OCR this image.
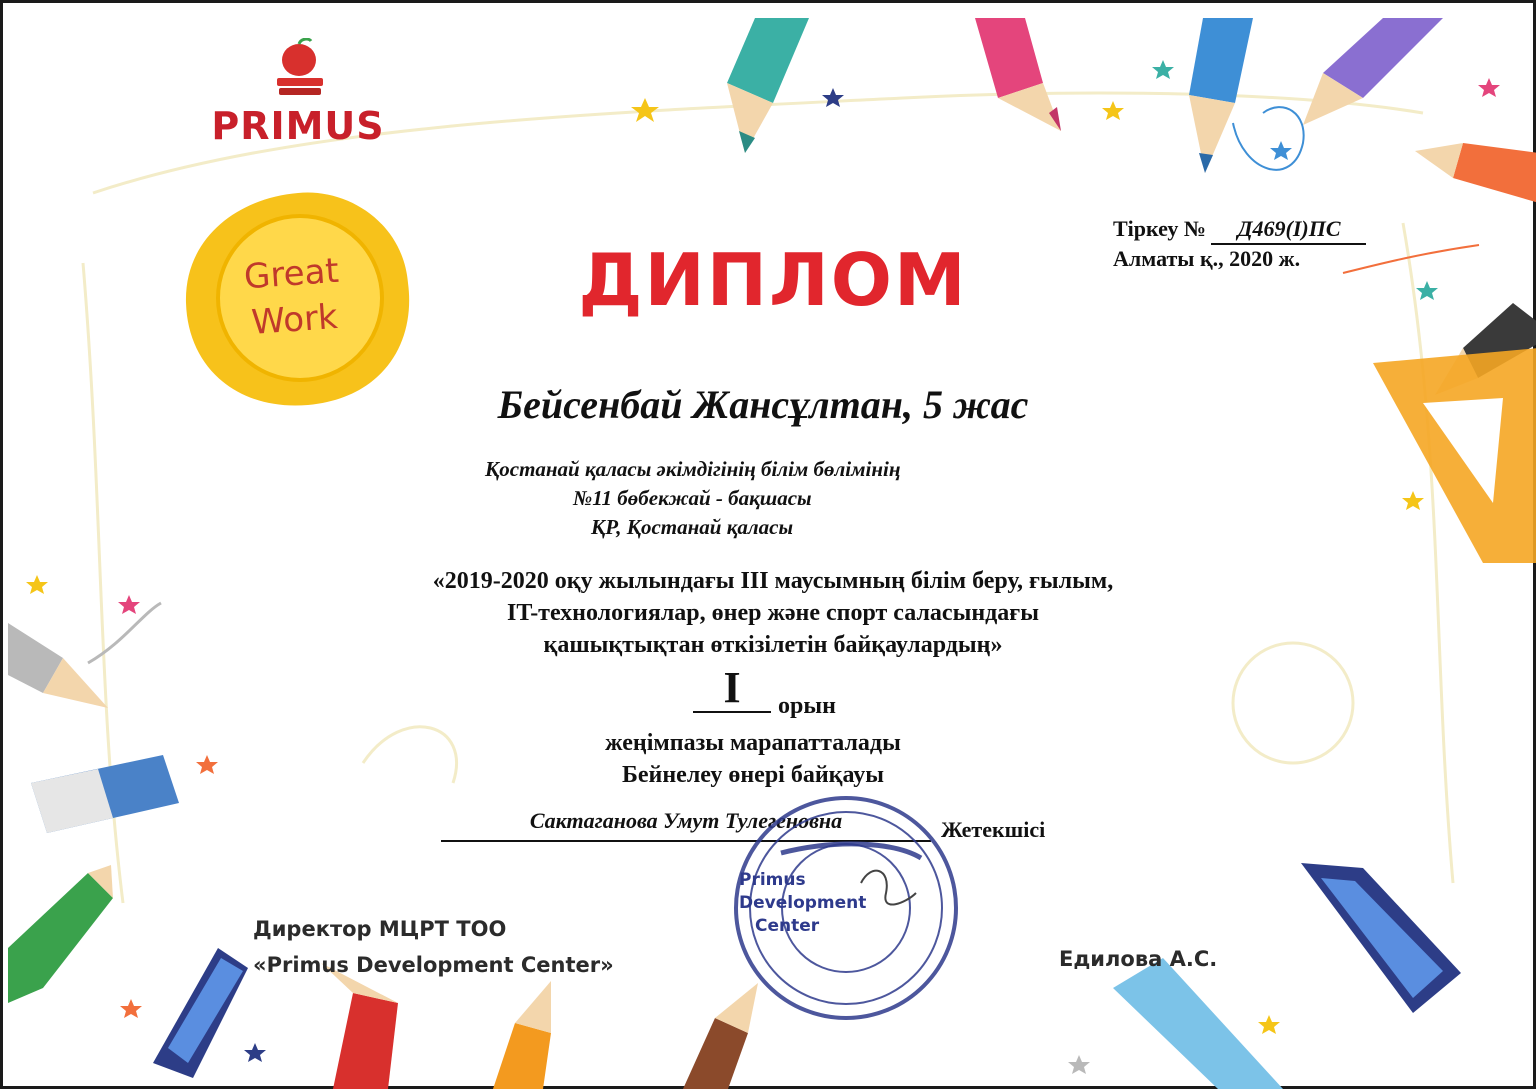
PRIMUS
Great
Work	ДИПЛОМ
Тіркеу № Д469(I)ПС
Алматы қ., 2020 ж.
Бейсенбай Жансұлтан, 5 жас
Қостанай қаласы әкімдігінің білім бөлімінің
№11 бөбекжай - бақшасы
ҚР, Қостанай қаласы
«2019-2020 оқу жылындағы III маусымның білім беру, ғылым,
IT-технологиялар, өнер және спорт саласындағы
қашықтықтан өткізілетін байқаулардың»
I	орын
жеңімпазы марапатталады
Бейнелеу өнері байқауы
Сактаганова Умут Тулегеновна	Жетекшісі
Primus
Development
Center
Директор МЦРТ ТОО
«Primus Development Center»	Едилова А.С.
